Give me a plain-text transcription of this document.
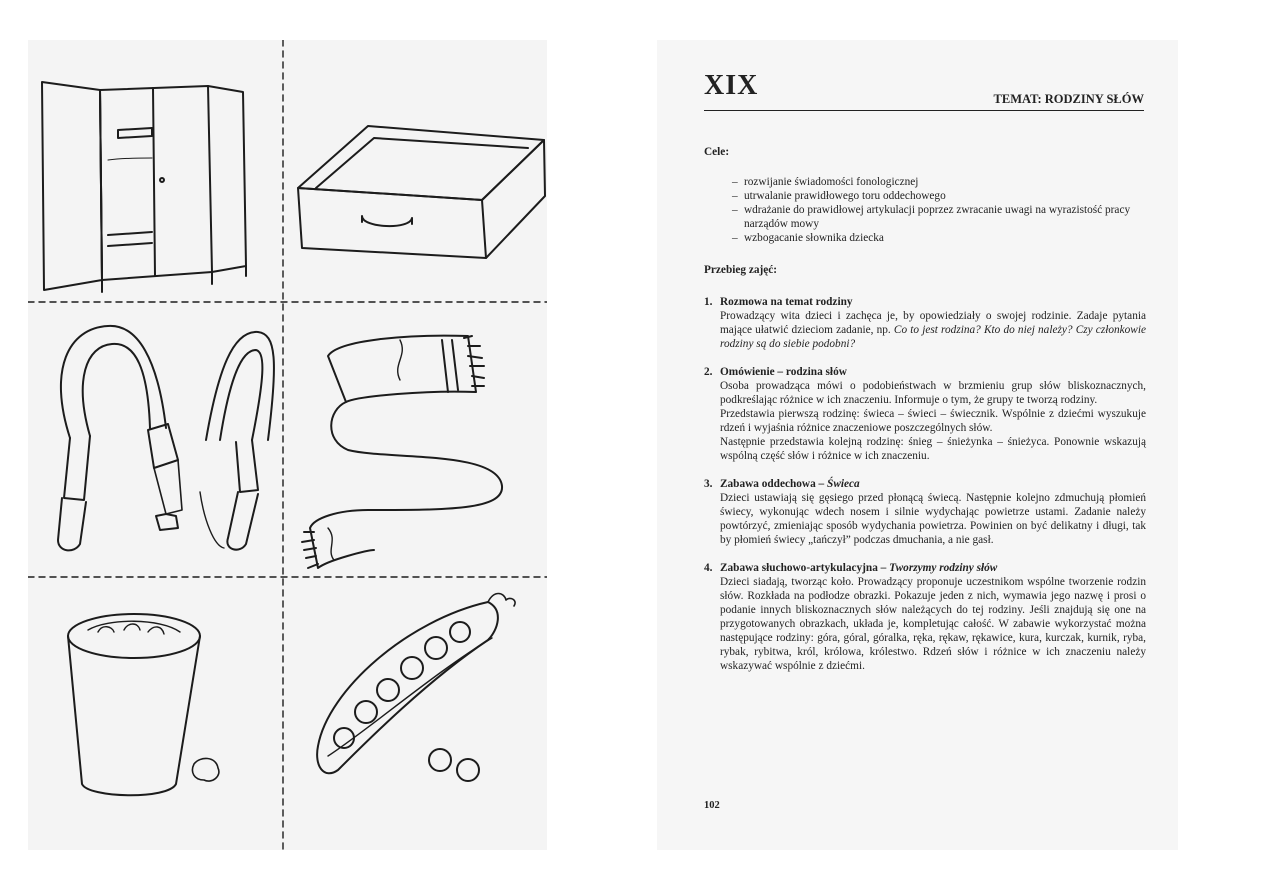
XIX	TEMAT: RODZINY SŁÓW

Cele:

– rozwijanie świadomości fonologicznej
– utrwalanie prawidłowego toru oddechowego
– wdrażanie do prawidłowej artykulacji poprzez zwracanie uwagi na wyrazistość pracy narządów mowy
– wzbogacanie słownika dziecka

Przebieg zajęć:

1. Rozmowa na temat rodziny
Prowadzący wita dzieci i zachęca je, by opowiedziały o swojej rodzinie. Zadaje pytania mające ułatwić dzieciom zadanie, np. Co to jest rodzina? Kto do niej należy? Czy członkowie rodziny są do siebie podobni?
2. Omówienie – rodzina słów
Osoba prowadząca mówi o podobieństwach w brzmieniu grup słów bliskoznacznych, podkreślając różnice w ich znaczeniu. Informuje o tym, że grupy te tworzą rodziny.
Przedstawia pierwszą rodzinę: świeca – świeci – świecznik. Wspólnie z dziećmi wyszukuje rdzeń i wyjaśnia różnice znaczeniowe poszczególnych słów.
Następnie przedstawia kolejną rodzinę: śnieg – śnieżynka – śnieżyca. Ponownie wskazują wspólną część słów i różnice w ich znaczeniu.
3. Zabawa oddechowa – Świeca
Dzieci ustawiają się gęsiego przed płonącą świecą. Następnie kolejno zdmuchują płomień świecy, wykonując wdech nosem i silnie wydychając powietrze ustami. Zadanie należy powtórzyć, zmieniając sposób wydychania powietrza. Powinien on być delikatny i długi, tak by płomień świecy „tańczył” podczas dmuchania, a nie gasł.
4. Zabawa słuchowo-artykulacyjna – Tworzymy rodziny słów
Dzieci siadają, tworząc koło. Prowadzący proponuje uczestnikom wspólne tworzenie rodzin słów. Rozkłada na podłodze obrazki. Pokazuje jeden z nich, wymawia jego nazwę i prosi o podanie innych bliskoznacznych słów należących do tej rodziny. Jeśli znajdują się one na przygotowanych obrazkach, układa je, kompletując całość. W zabawie wykorzystać można następujące rodziny: góra, góral, góralka, ręka, rękaw, rękawice, kura, kurczak, kurnik, ryba, rybak, rybitwa, król, królowa, królestwo. Rdzeń słów i różnice w ich znaczeniu należy wskazywać wspólnie z dziećmi.
102
